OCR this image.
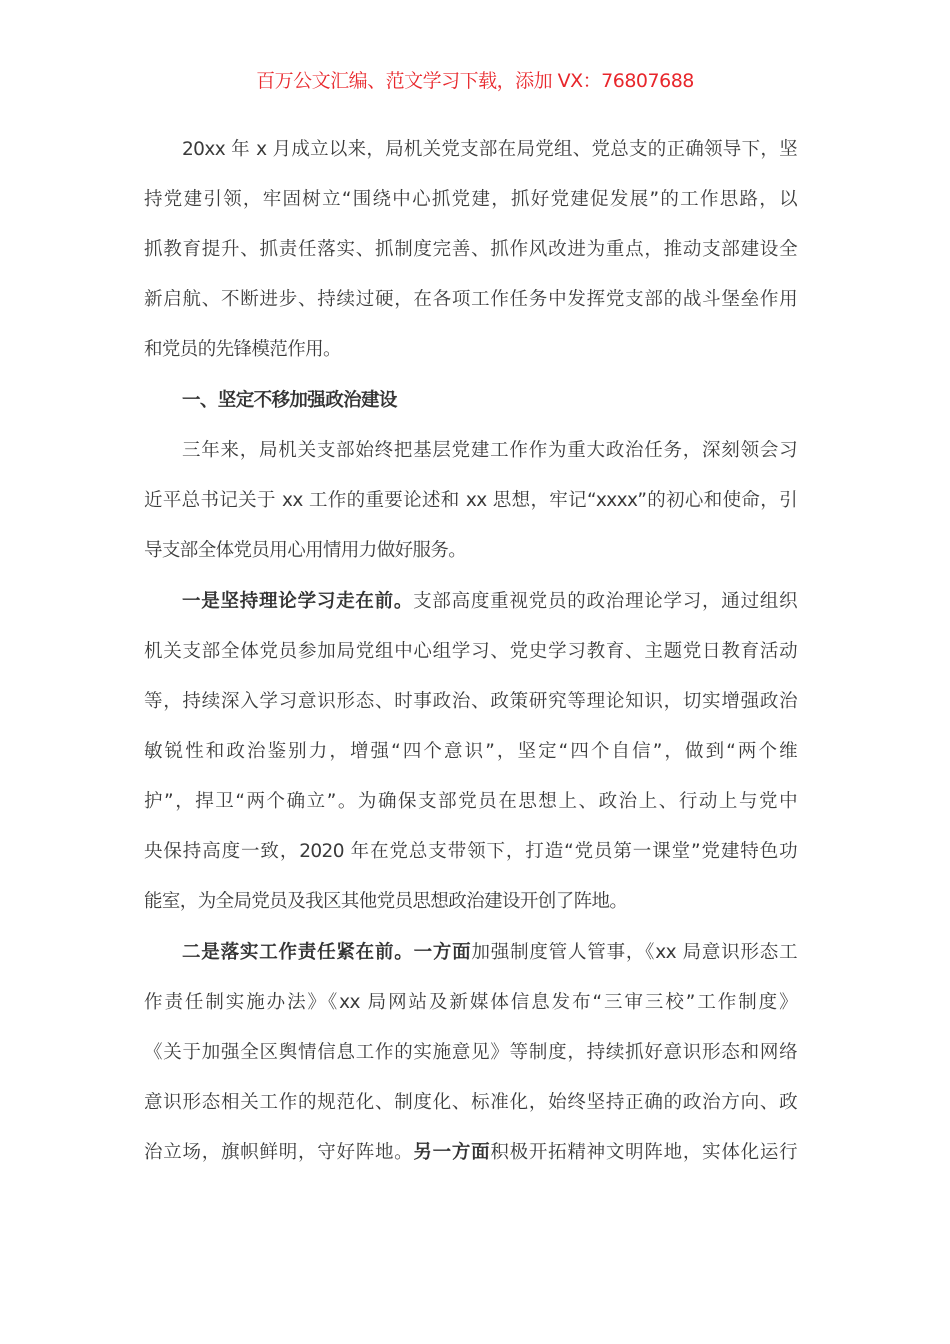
百万公文汇编、范文学习下载，添加 VX：76807688
20xx 年 x 月成立以来，局机关党支部在局党组、党总支的正确领导下，坚
持党建引领，牢固树立“围绕中心抓党建，抓好党建促发展”的工作思路，以
抓教育提升、抓责任落实、抓制度完善、抓作风改进为重点，推动支部建设全
新启航、不断进步、持续过硬，在各项工作任务中发挥党支部的战斗堡垒作用
和党员的先锋模范作用。
一、坚定不移加强政治建设
三年来，局机关支部始终把基层党建工作作为重大政治任务，深刻领会习
近平总书记关于 xx 工作的重要论述和 xx 思想，牢记“xxxx”的初心和使命，引
导支部全体党员用心用情用力做好服务。
一是坚持理论学习走在前。支部高度重视党员的政治理论学习，通过组织
机关支部全体党员参加局党组中心组学习、党史学习教育、主题党日教育活动
等，持续深入学习意识形态、时事政治、政策研究等理论知识，切实增强政治
敏锐性和政治鉴别力，增强“四个意识”，坚定“四个自信”，做到“两个维
护”，捍卫“两个确立”。为确保支部党员在思想上、政治上、行动上与党中
央保持高度一致，2020 年在党总支带领下，打造“党员第一课堂”党建特色功
能室，为全局党员及我区其他党员思想政治建设开创了阵地。
二是落实工作责任紧在前。一方面加强制度管人管事，《xx 局意识形态工
作责任制实施办法》《xx 局网站及新媒体信息发布“三审三校”工作制度》
《关于加强全区舆情信息工作的实施意见》等制度，持续抓好意识形态和网络
意识形态相关工作的规范化、制度化、标准化，始终坚持正确的政治方向、政
治立场，旗帜鲜明，守好阵地。另一方面积极开拓精神文明阵地，实体化运行
